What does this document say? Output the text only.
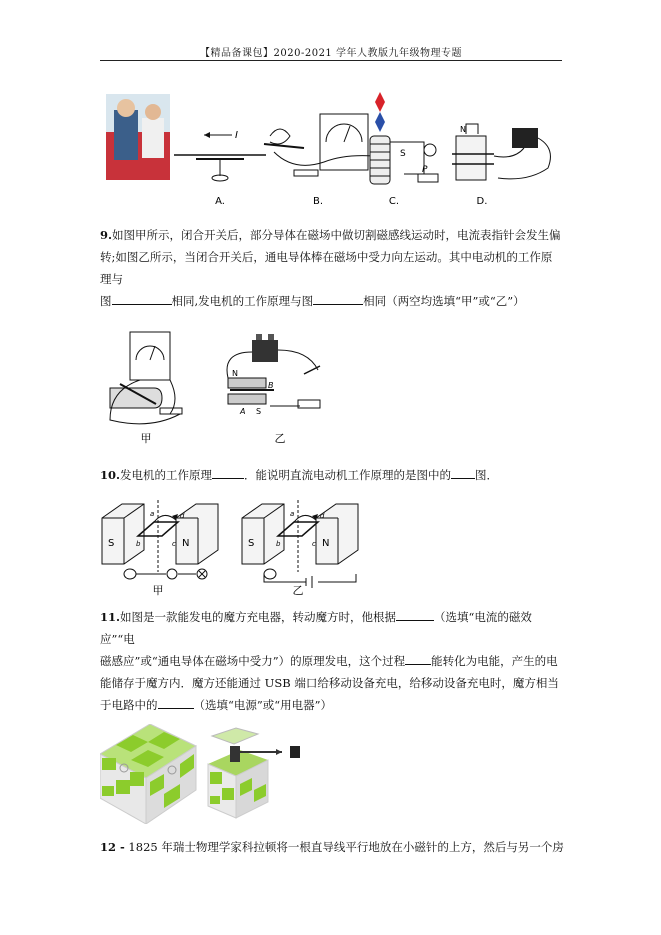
【精品备课包】2020-2021 学年人教版九年级物理专题
I
A.	B.
S
P
C.
N
D.
9.如图甲所示，闭合开关后，部分导体在磁场中做切割磁感线运动时，电流表指针会发生偏
转;如图乙所示，当闭合开关后，通电导体棒在磁场中受力向左运动。其中电动机的工作原
理与
图	相同,发电机的工作原理与图	相同（两空均选填“甲”或“乙”）
甲
N
B
A S
乙
10.发电机的工作原理	．能说明直流电动机工作原理的是图中的 图．
S	N
a
b	c
d
甲
S	N
a
b	c
d
乙
11.如图是一款能发电的魔方充电器，转动魔方时，他根据	（选填“电流的磁效应”“电
磁感应”或“通电导体在磁场中受力”）的原理发电，这个过程 能转化为电能，产生的电
能储存于魔方内．魔方还能通过 USB 端口给移动设备充电，给移动设备充电时，魔方相当
于电路中的	（选填“电源”或“用电器”）
12 - 1825 年瑞士物理学家科拉顿将一根直导线平行地放在小磁针的上方，然后与另一个房
